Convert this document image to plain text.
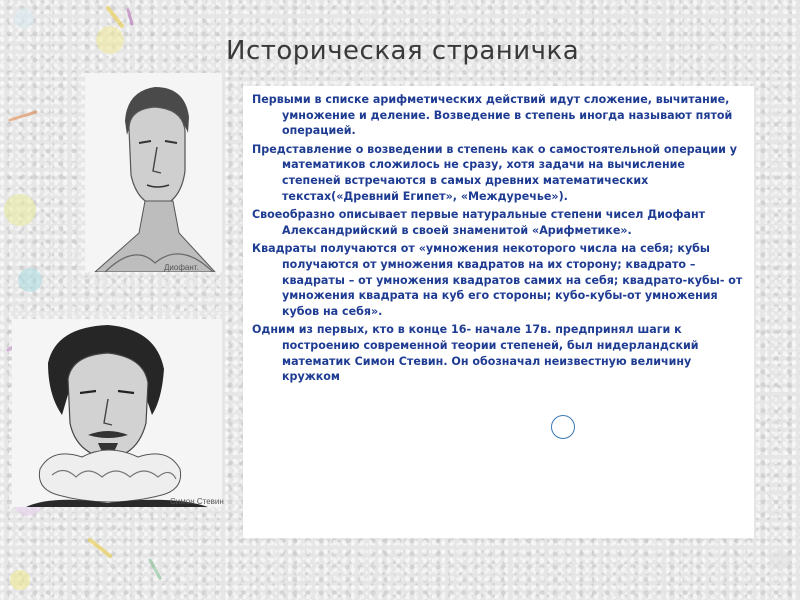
Историческая страничка
Диофант.
Симон Стевин

Первыми в списке арифметических действий идут сложение, вычитание, умножение и деление. Возведение в степень иногда называют пятой операцией.

Представление о возведении в степень как о самостоятельной операции у математиков сложилось не сразу, хотя задачи на вычисление степеней встречаются в самых древних математических текстах(«Древний Египет», «Междуречье»).

Своеобразно описывает первые натуральные степени чисел Диофант Александрийский в своей знаменитой «Арифметике».

Квадраты получаются от «умножения некоторого числа на себя; кубы получаются от умножения квадратов на их сторону; квадрато – квадраты – от умножения квадратов самих на себя; квадрато-кубы- от умножения квадрата на куб его стороны; кубо-кубы-от умножения кубов на себя».

Одним из первых, кто в конце 16- начале 17в. предпринял шаги к построению современной теории степеней, был нидерландский математик Симон Стевин. Он обозначал неизвестную величину кружком
